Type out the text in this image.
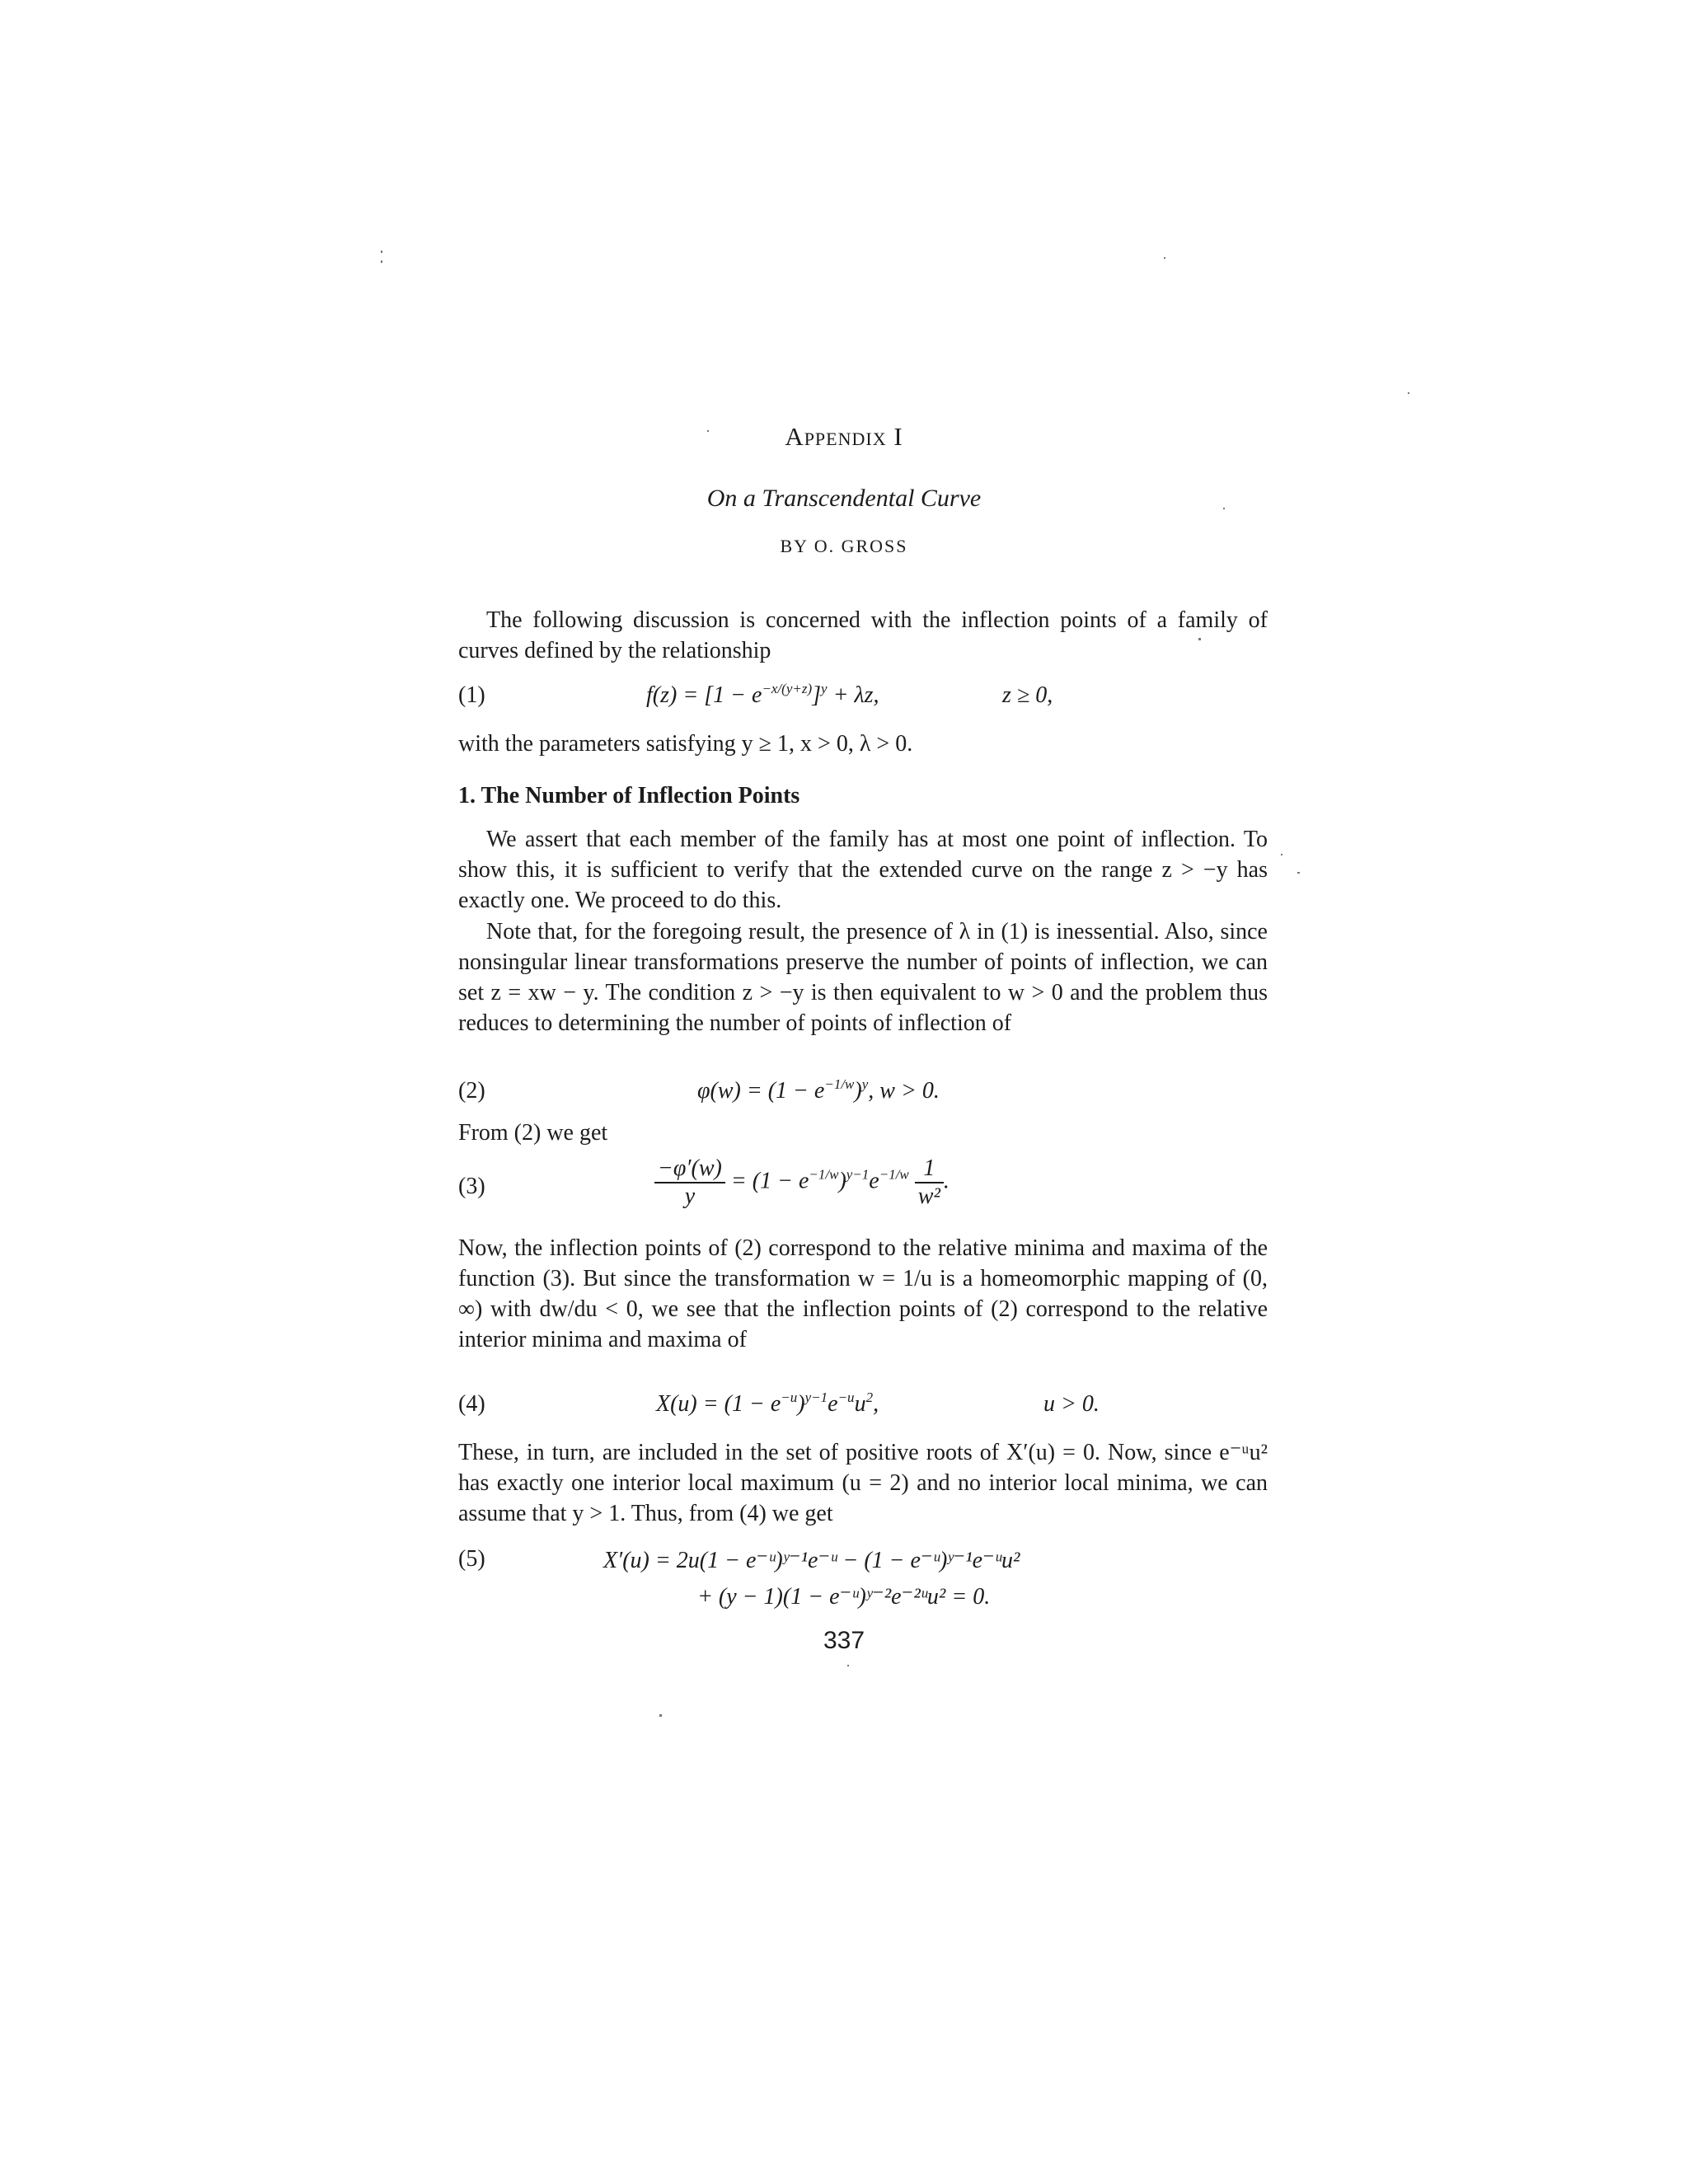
Appendix I
On a Transcendental Curve
BY O. GROSS
The following discussion is concerned with the inflection points of a family of curves defined by the relationship
(1)	$f(z) = [1 - e^{-x/(y+z)}]^y + \lambda z$,	z ≥ 0,
with the parameters satisfying y ≥ 1, x > 0, λ > 0.
1. The Number of Inflection Points
We assert that each member of the family has at most one point of inflection. To show this, it is sufficient to verify that the extended curve on the range z > −y has exactly one. We proceed to do this.
Note that, for the foregoing result, the presence of λ in (1) is inessential. Also, since nonsingular linear transformations preserve the number of points of inflection, we can set z = xw − y. The condition z > −y is then equivalent to w > 0 and the problem thus reduces to determining the number of points of inflection of
(2)	$\varphi(w) = (1 - e^{-1/w})^y$, w > 0.
From (2) we get
(3)	$\frac{-\varphi'(w)}{y} = (1 - e^{-1/w})^{y-1}e^{-1/w} \frac{1}{\text{w²}}$ .
Now, the inflection points of (2) correspond to the relative minima and maxima of the function (3). But since the transformation w = 1/u is a homeomorphic mapping of (0, ∞) with dw/du < 0, we see that the inflection points of (2) correspond to the relative interior minima and maxima of
(4)	$X(u) = (1 - e^{-u})^{y-1}e^{-u}u^2$,	u > 0.
These, in turn, are included in the set of positive roots of X′(u) = 0. Now, since e⁻ᵘu² has exactly one interior local maximum (u = 2) and no interior local minima, we can assume that y > 1. Thus, from (4) we get
(5)	X′(u) = 2u(1 − e⁻ᵘ)ʸ⁻¹e⁻ᵘ − (1 − e⁻ᵘ)ʸ⁻¹e⁻ᵘu²
+ (y − 1)(1 − e⁻ᵘ)ʸ⁻²e⁻²ᵘu² = 0.
337
